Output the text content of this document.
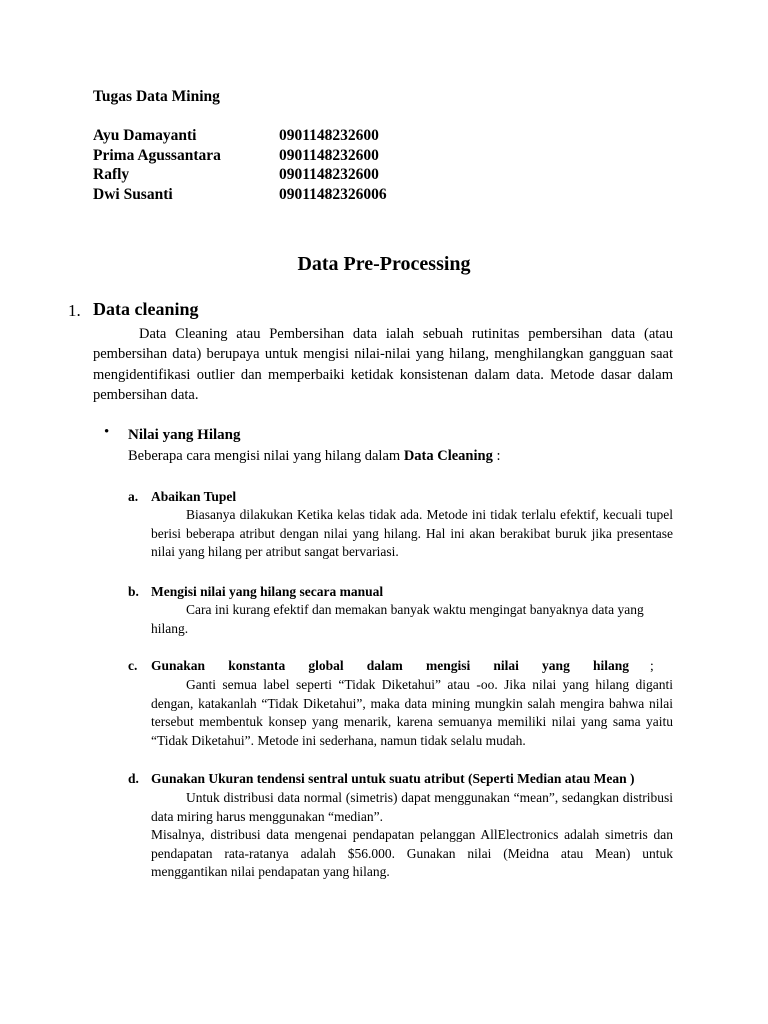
Tugas Data Mining
Ayu Damayanti	0901148232600
Prima Agussantara	0901148232600
Rafly	0901148232600
Dwi Susanti	09011482326006
Data Pre-Processing
1. Data cleaning
Data Cleaning atau Pembersihan data ialah sebuah rutinitas pembersihan data (atau pembersihan data) berupaya untuk mengisi nilai-nilai yang hilang, menghilangkan gangguan saat mengidentifikasi outlier dan memperbaiki ketidak konsistenan dalam data. Metode dasar dalam pembersihan data.
• Nilai yang Hilang
Beberapa cara mengisi nilai yang hilang dalam Data Cleaning :
a. Abaikan Tupel
Biasanya dilakukan Ketika kelas tidak ada. Metode ini tidak terlalu efektif, kecuali tupel berisi beberapa atribut dengan nilai yang hilang. Hal ini akan berakibat buruk jika presentase nilai yang hilang per atribut sangat bervariasi.
b. Mengisi nilai yang hilang secara manual
Cara ini kurang efektif dan memakan banyak waktu mengingat banyaknya data yang hilang.
c. Gunakan konstanta global dalam mengisi nilai yang hilang ;
Ganti semua label seperti “Tidak Diketahui” atau -oo. Jika nilai yang hilang diganti dengan, katakanlah “Tidak Diketahui”, maka data mining mungkin salah mengira bahwa nilai tersebut membentuk konsep yang menarik, karena semuanya memiliki nilai yang sama yaitu “Tidak Diketahui”. Metode ini sederhana, namun tidak selalu mudah.
d. Gunakan Ukuran tendensi sentral untuk suatu atribut (Seperti Median atau Mean )
Untuk distribusi data normal (simetris) dapat menggunakan “mean”, sedangkan distribusi data miring harus menggunakan “median”.
Misalnya, distribusi data mengenai pendapatan pelanggan AllElectronics adalah simetris dan pendapatan rata-ratanya adalah $56.000. Gunakan nilai (Meidna atau Mean) untuk menggantikan nilai pendapatan yang hilang.
